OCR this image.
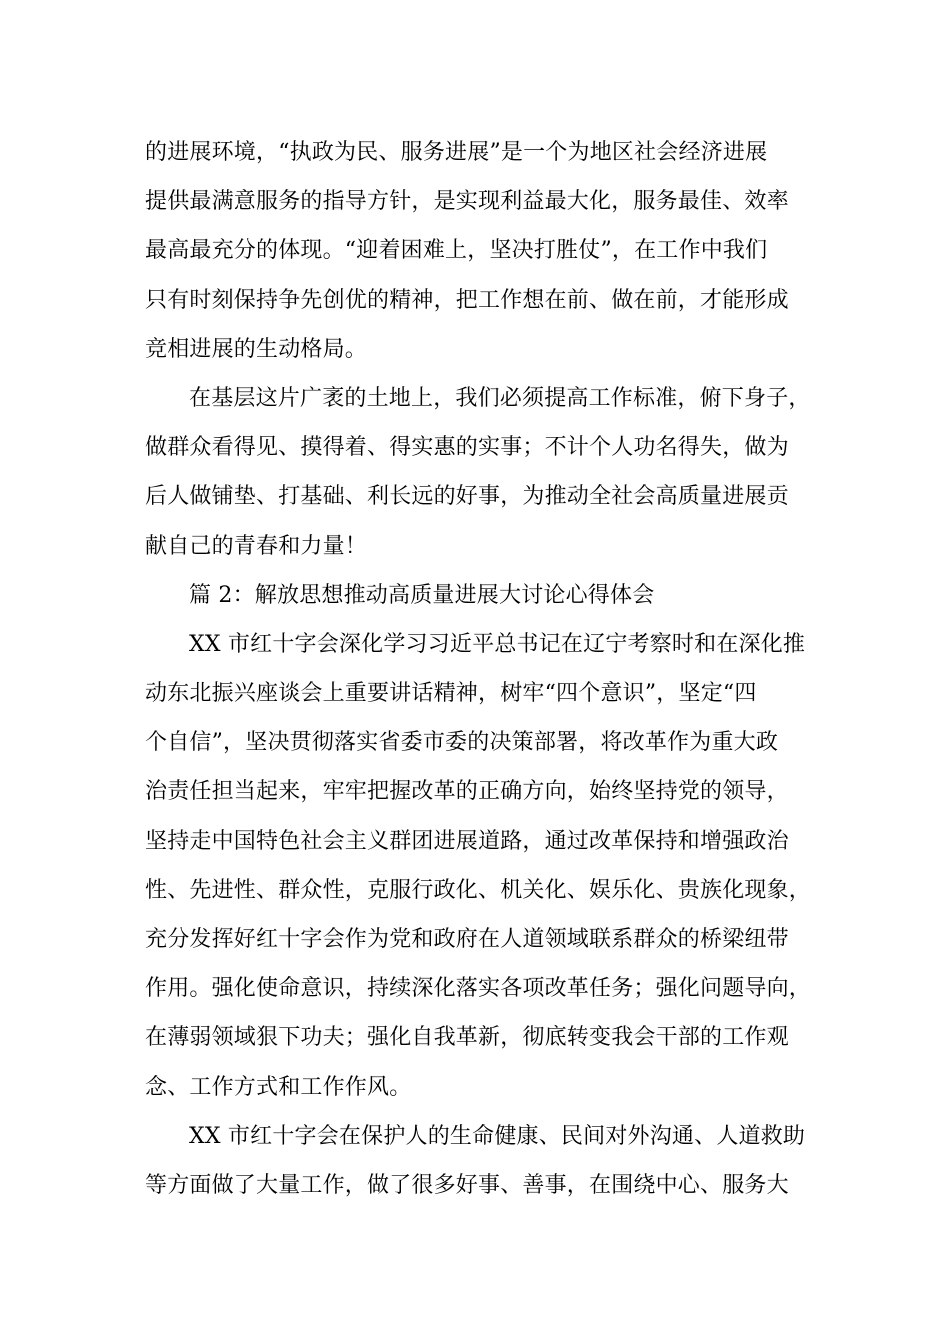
的进展环境，“执政为民、服务进展”是一个为地区社会经济进展
提供最满意服务的指导方针，是实现利益最大化，服务最佳、效率
最高最充分的体现。“迎着困难上，坚决打胜仗”，在工作中我们
只有时刻保持争先创优的精神，把工作想在前、做在前，才能形成
竞相进展的生动格局。
在基层这片广袤的土地上，我们必须提高工作标准，俯下身子，
做群众看得见、摸得着、得实惠的实事；不计个人功名得失，做为
后人做铺垫、打基础、利长远的好事，为推动全社会高质量进展贡
献自己的青春和力量！
篇 2：解放思想推动高质量进展大讨论心得体会
XX 市红十字会深化学习习近平总书记在辽宁考察时和在深化推
动东北振兴座谈会上重要讲话精神，树牢“四个意识”，坚定“四
个自信”，坚决贯彻落实省委市委的决策部署，将改革作为重大政
治责任担当起来，牢牢把握改革的正确方向，始终坚持党的领导，
坚持走中国特色社会主义群团进展道路，通过改革保持和增强政治
性、先进性、群众性，克服行政化、机关化、娱乐化、贵族化现象，
充分发挥好红十字会作为党和政府在人道领域联系群众的桥梁纽带
作用。强化使命意识，持续深化落实各项改革任务；强化问题导向，
在薄弱领域狠下功夫；强化自我革新，彻底转变我会干部的工作观
念、工作方式和工作作风。
XX 市红十字会在保护人的生命健康、民间对外沟通、人道救助
等方面做了大量工作，做了很多好事、善事，在围绕中心、服务大
